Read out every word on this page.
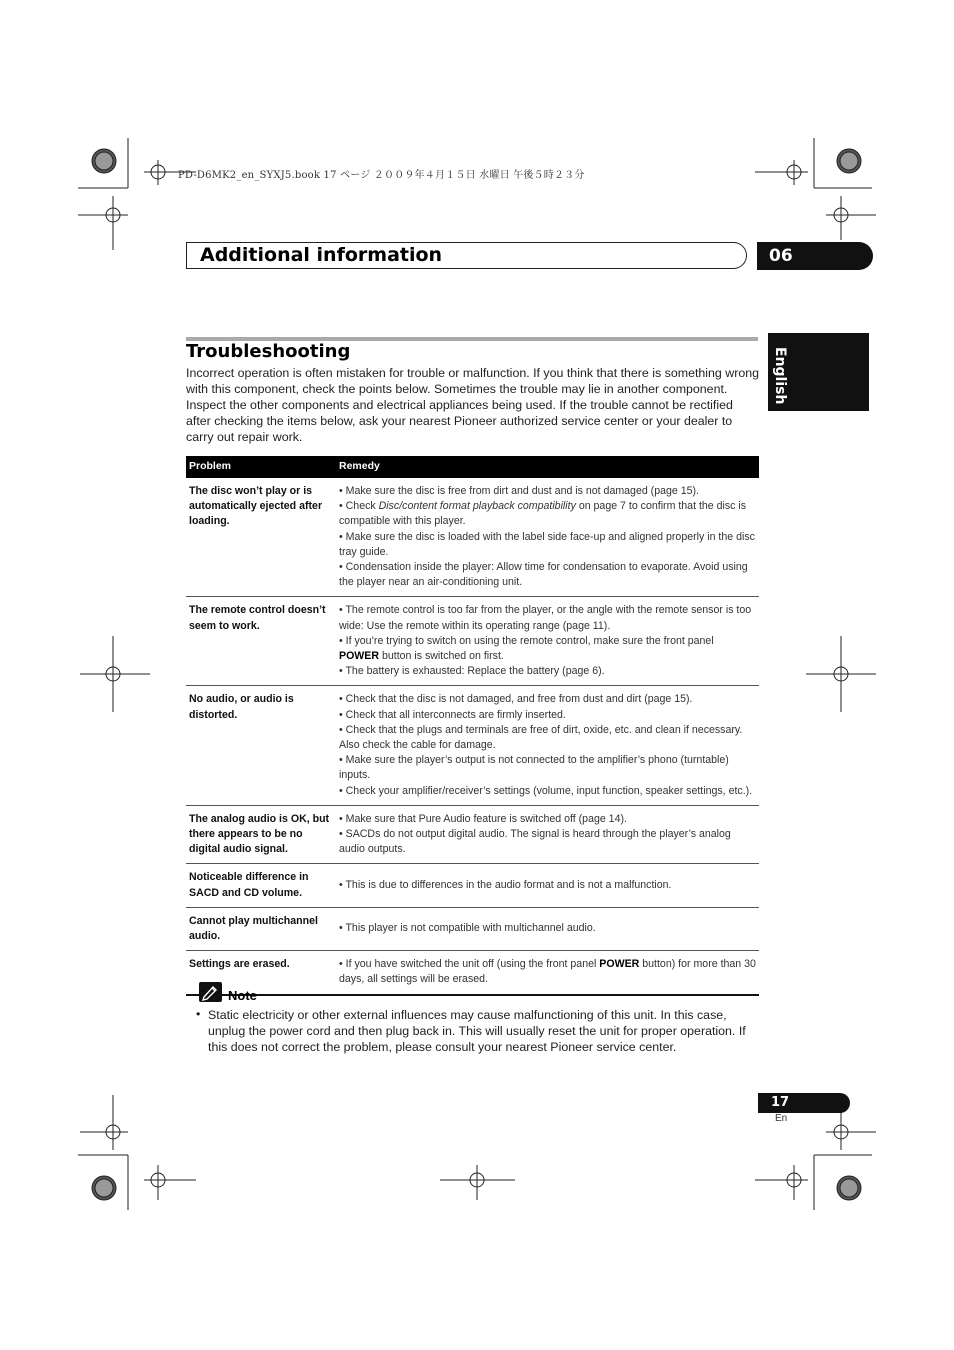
PD-D6MK2_en_SYXJ5.book 17 ページ ２００９年４月１５日 水曜日 午後５時２３分
Additional information	06
English
Troubleshooting
Incorrect operation is often mistaken for trouble or malfunction. If you think that there is something wrong with this component, check the points below. Sometimes the trouble may lie in another component. Inspect the other components and electrical appliances being used. If the trouble cannot be rectified after checking the items below, ask your nearest Pioneer authorized service center or your dealer to carry out repair work.
Problem	Remedy
The disc won’t play or is automatically ejected after loading.	• Make sure the disc is free from dirt and dust and is not damaged (page 15).
• Check Disc/content format playback compatibility on page 7 to confirm that the disc is compatible with this player.
• Make sure the disc is loaded with the label side face-up and aligned properly in the disc tray guide.
• Condensation inside the player: Allow time for condensation to evaporate. Avoid using the player near an air-conditioning unit.

The remote control doesn’t seem to work.	• The remote control is too far from the player, or the angle with the remote sensor is too wide: Use the remote within its operating range (page 11).
• If you’re trying to switch on using the remote control, make sure the front panel POWER button is switched on first.
• The battery is exhausted: Replace the battery (page 6).

No audio, or audio is distorted.	• Check that the disc is not damaged, and free from dust and dirt (page 15).
• Check that all interconnects are firmly inserted.
• Check that the plugs and terminals are free of dirt, oxide, etc. and clean if necessary. Also check the cable for damage.
• Make sure the player’s output is not connected to the amplifier’s phono (turntable) inputs.
• Check your amplifier/receiver’s settings (volume, input function, speaker settings, etc.).

The analog audio is OK, but there appears to be no digital audio signal.	• Make sure that Pure Audio feature is switched off (page 14).
• SACDs do not output digital audio. The signal is heard through the player’s analog audio outputs.

Noticeable difference in SACD and CD volume.	• This is due to differences in the audio format and is not a malfunction.

Cannot play multichannel audio.	• This player is not compatible with multichannel audio.

Settings are erased.	• If you have switched the unit off (using the front panel POWER button) for more than 30 days, all settings will be erased.
Note
• Static electricity or other external influences may cause malfunctioning of this unit. In this case, unplug the power cord and then plug back in. This will usually reset the unit for proper operation. If this does not correct the problem, please consult your nearest Pioneer service center.
17
En
